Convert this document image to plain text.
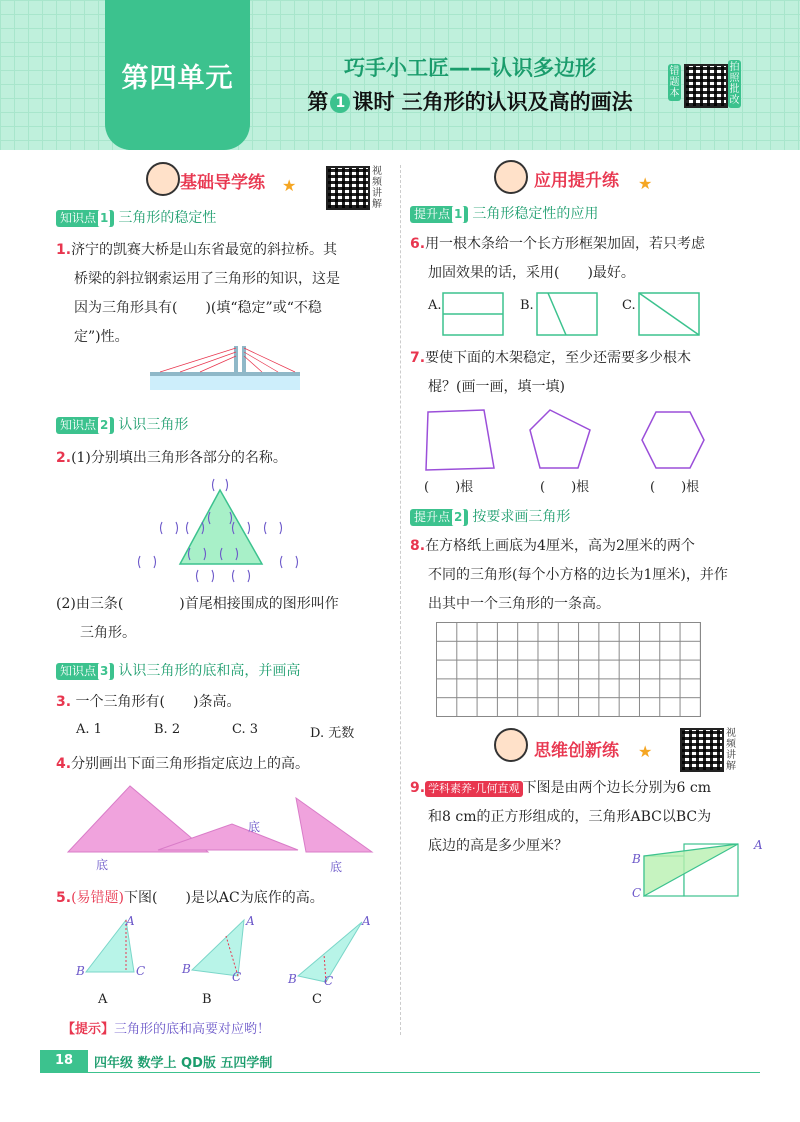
第四单元	巧手小工匠——认识多边形
第 1 课时 三角形的认识及高的画法
错题本
拍照批改
基础导学练 ★
视频讲解
知识点 1 三角形的稳定性
1.济宁的凯赛大桥是山东省最宽的斜拉桥。其
桥梁的斜拉钢索运用了三角形的知识，这是
因为三角形具有(　　)(填“稳定”或“不稳
定”)性。
知识点 2 认识三角形
2.(1)分别填出三角形各部分的名称。
(2)由三条(　　　　)首尾相接围成的图形叫作
三角形。
知识点 3 认识三角形的底和高，并画高
3. 一个三角形有(　　)条高。
A. 1	B. 2	C. 3	D. 无数
4.分别画出下面三角形指定底边上的高。
底
底
底
5.(易错题)下图(　　)是以AC为底作的高。
A
B	C
A
B
C
A
B C
A	B	C
【提示】三角形的底和高要对应哟！
应用提升练 ★
提升点 1 三角形稳定性的应用
6.用一根木条给一个长方形框架加固，若只考虑
加固效果的话，采用(　　)最好。
A.	B.	C.
7.要使下面的木架稳定，至少还需要多少根木
棍？(画一画，填一填)
(　　)根	(　　)根	(　　)根
提升点 2 按要求画三角形
8.在方格纸上画底为4厘米，高为2厘米的两个
不同的三角形(每个小方格的边长为1厘米)，并作
出其中一个三角形的一条高。
思维创新练 ★
视频讲解
9. 学科素养·几何直观 下图是由两个边长分别为6 cm
和8 cm的正方形组成的，三角形ABC以BC为
底边的高是多少厘米？	A
B
C
18	四年级 数学上 QD版 五四学制
